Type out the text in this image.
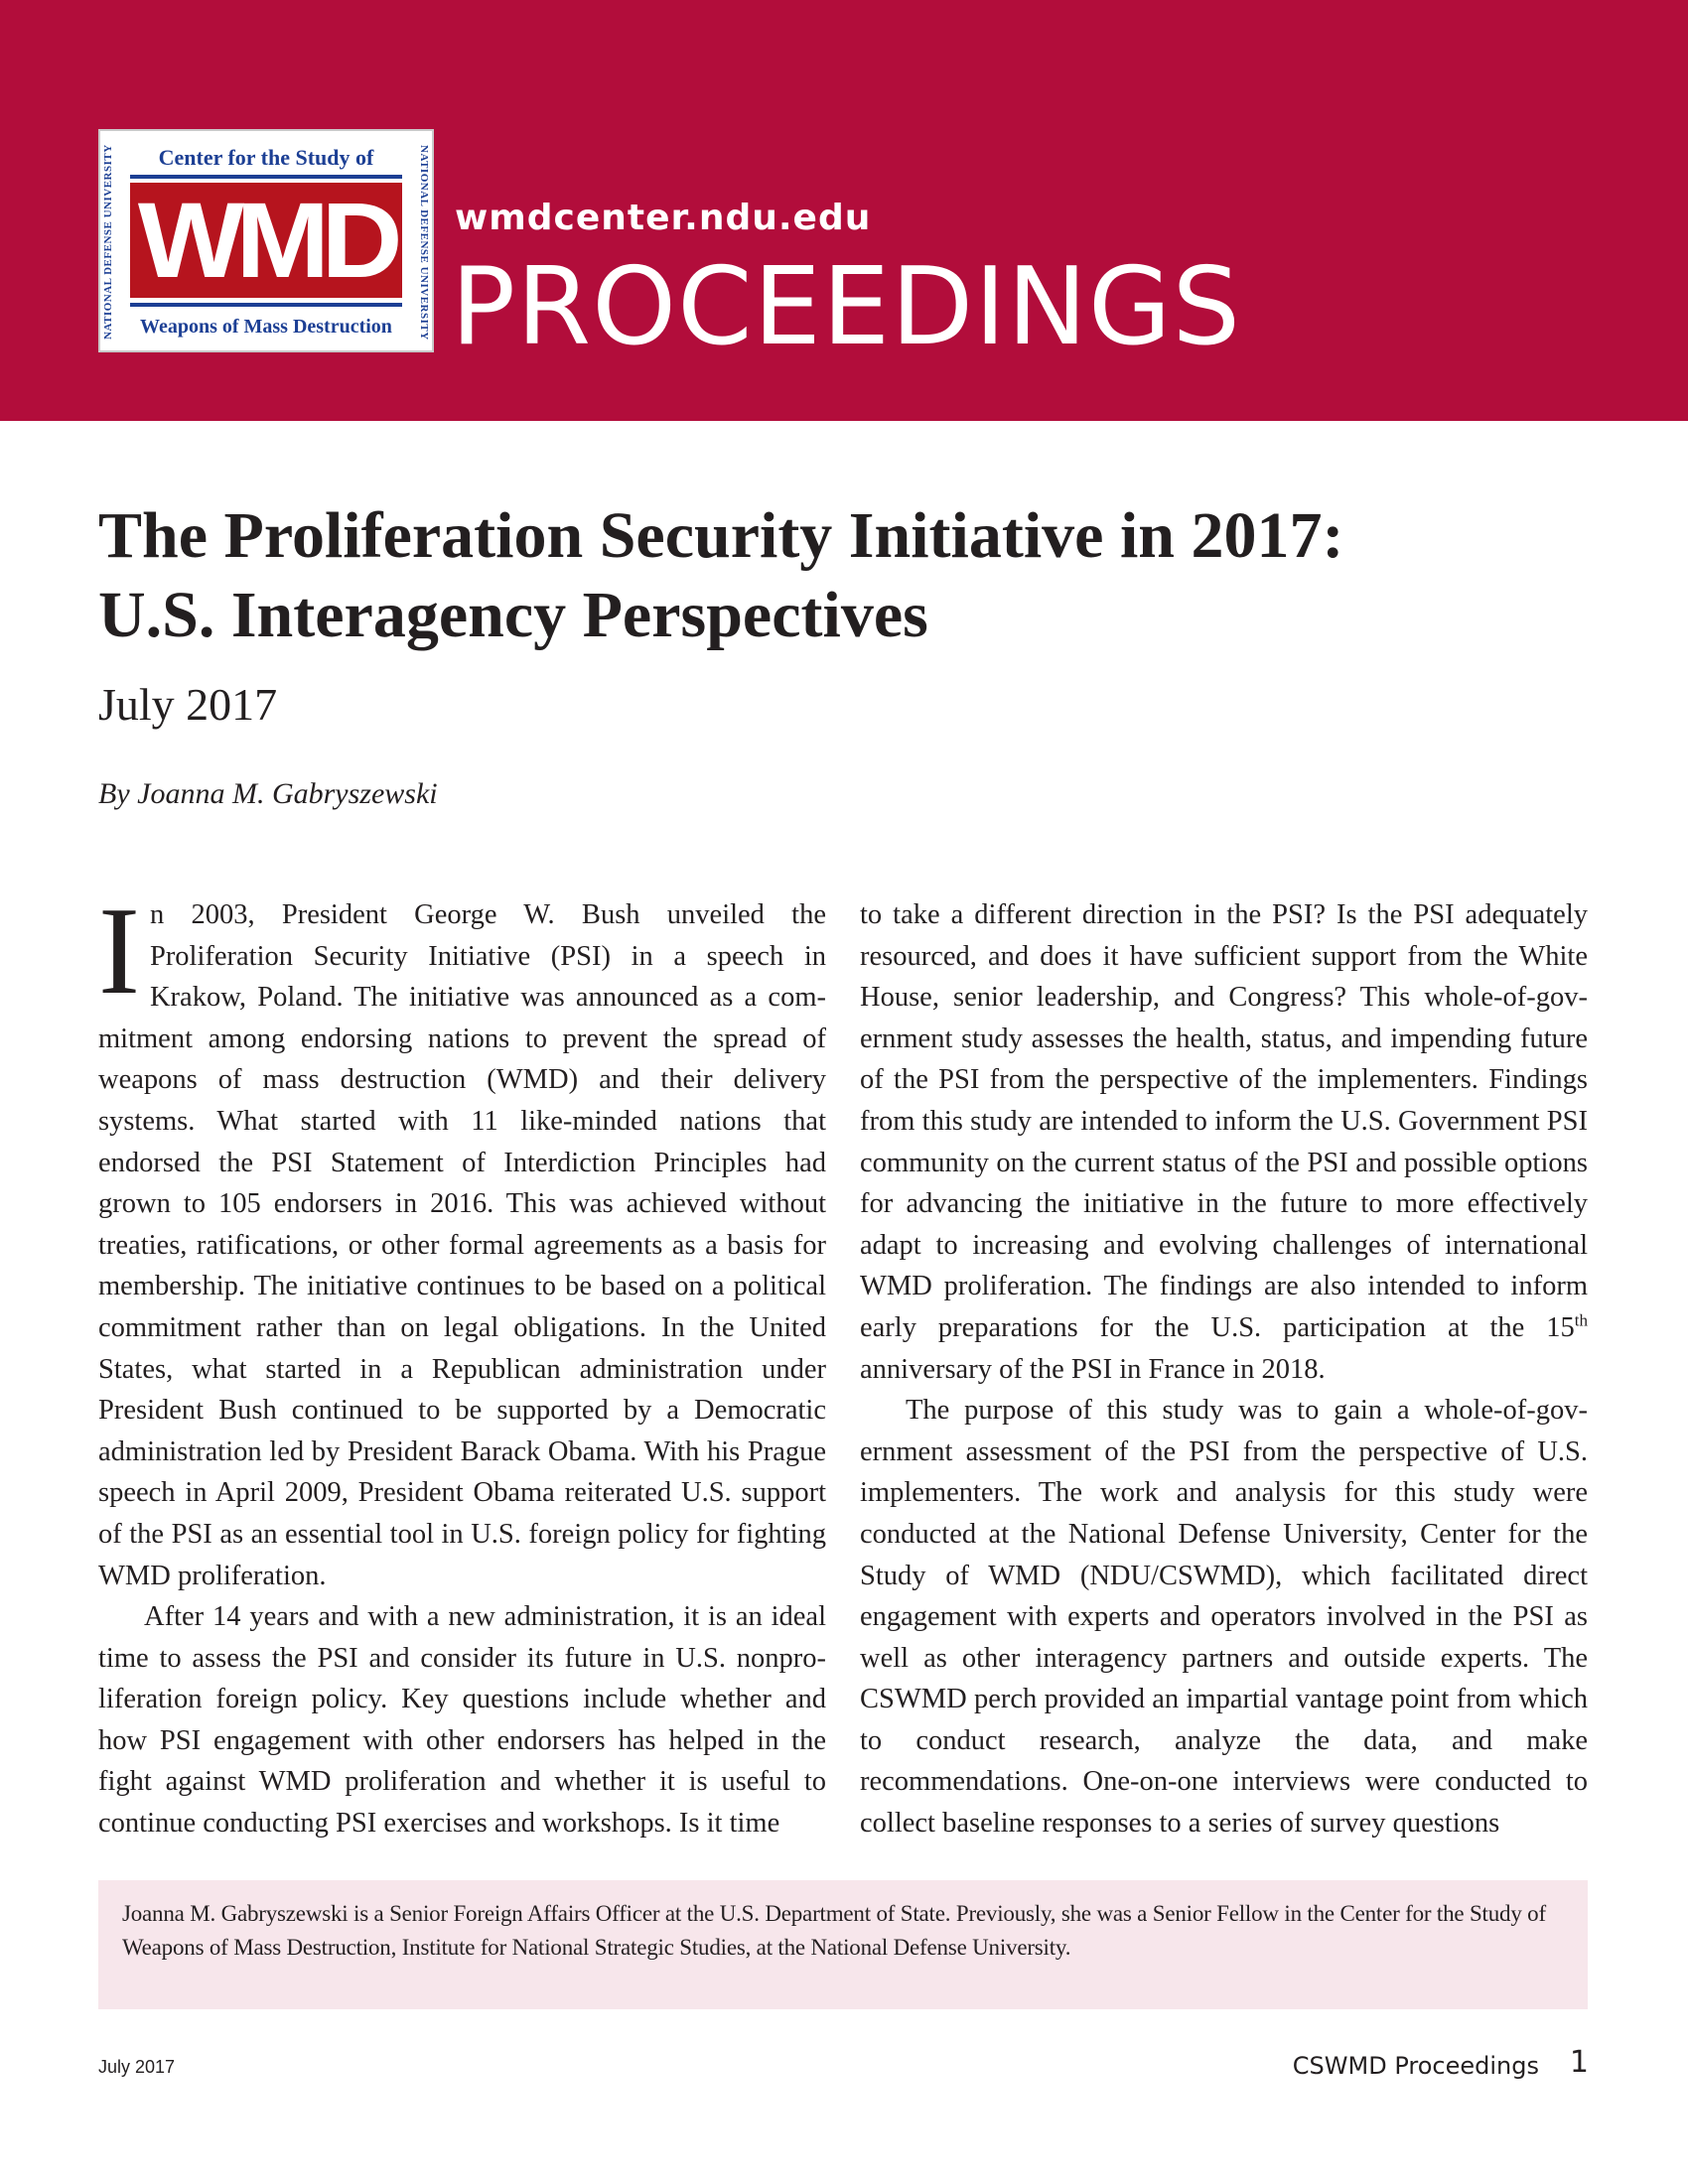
NATIONAL DEFENSE UNIVERSITY	NATIONAL DEFENSE UNIVERSITY
Center for the Study of
WMD
Weapons of Mass Destruction
wmdcenter.ndu.edu
PROCEEDINGS
The Proliferation Security Initiative in 2017:
U.S. Interagency Perspectives
July 2017
By Joanna M. Gabryszewski

In 2003, President George W. Bush unveiled the Proliferation Security Initiative (PSI) in a speech in Krakow, Poland. The initiative was announced as a commitment among endorsing nations to prevent the spread of weapons of mass destruction (WMD) and their delivery systems. What started with 11 like-minded nations that endorsed the PSI Statement of Interdiction Principles had grown to 105 endorsers in 2016. This was achieved without treaties, ratifications, or other formal agreements as a basis for membership. The initiative continues to be based on a political commitment rather than on legal obligations. In the United States, what started in a Republican administration under President Bush continued to be supported by a Democratic administration led by President Barack Obama. With his Prague speech in April 2009, President Obama reiterated U.S. support of the PSI as an essential tool in U.S. foreign policy for fighting WMD proliferation.

After 14 years and with a new administration, it is an ideal time to assess the PSI and consider its future in U.S. nonproliferation foreign policy. Key questions include whether and how PSI engagement with other endorsers has helped in the fight against WMD proliferation and whether it is useful to continue conducting PSI exercises and workshops. Is it time

to take a different direction in the PSI? Is the PSI adequately resourced, and does it have sufficient support from the White House, senior leadership, and Congress? This whole-of-government study assesses the health, status, and impending future of the PSI from the perspective of the implementers. Findings from this study are intended to inform the U.S. Government PSI community on the current status of the PSI and possible options for advancing the initiative in the future to more effectively adapt to increasing and evolving challenges of international WMD proliferation. The findings are also intended to inform early preparations for the U.S. participation at the 15th anniversary of the PSI in France in 2018.

The purpose of this study was to gain a whole-of-government assessment of the PSI from the perspective of U.S. implementers. The work and analysis for this study were conducted at the National Defense University, Center for the Study of WMD (NDU/CSWMD), which facilitated direct engagement with experts and operators involved in the PSI as well as other interagency partners and outside experts. The CSWMD perch provided an impartial vantage point from which to conduct research, analyze the data, and make recommendations. One-on-one interviews were conducted to collect baseline responses to a series of survey questions

Joanna M. Gabryszewski is a Senior Foreign Affairs Officer at the U.S. Department of State. Previously, she was a Senior Fellow in the Center for the Study of Weapons of Mass Destruction, Institute for National Strategic Studies, at the National Defense University.
July 2017	CSWMD Proceedings 1
